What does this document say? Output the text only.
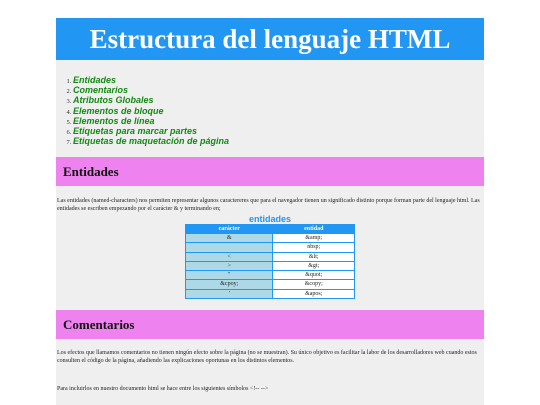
Estructura del lenguaje HTML
1. Entidades
2. Comentarios
3. Atributos Globales
4. Elementos de bloque
5. Elementos de línea
6. Etiquetas para marcar partes
7. Etiquetas de maquetación de página
Entidades

Las entidades (named-characters) nos permiten representar algunos caractereres que para el navegador tienen un significado distinto porque forman parte del lenguaje html. Las entidades se escriben empezando por el carácter & y terminando en;

entidades
carácter	entidad
&	&amp;
	nbsp;
<	&lt;
>	&gt;
"	&quot;
&cpoy;	&copy;
'	&apos;
Comentarios

Los efectos que llamamos comentarios no tienen ningún efecto sobre la página (no se muestran). Su único objetivo es facilitar la labor de los desarrolladores web cuando estos consulten el código de la página, añadiendo las explicaciones oportunas en los distintos elementos.

Para incluirlos en nuestro documento html se hace entre los siguientes símbolos <!-- -->
